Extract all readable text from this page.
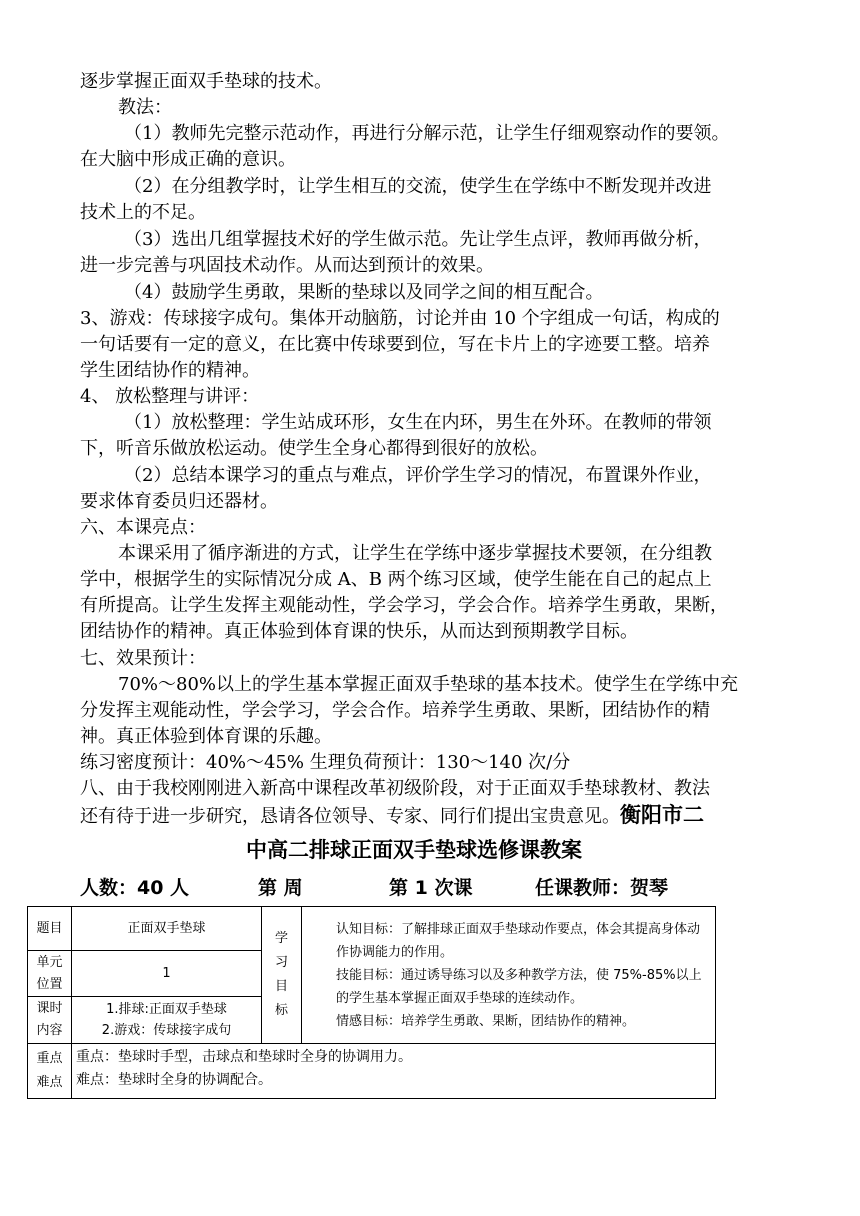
逐步掌握正面双手垫球的技术。
教法：
（1）教师先完整示范动作，再进行分解示范，让学生仔细观察动作的要领。
在大脑中形成正确的意识。
（2）在分组教学时，让学生相互的交流，使学生在学练中不断发现并改进
技术上的不足。
（3）选出几组掌握技术好的学生做示范。先让学生点评，教师再做分析，
进一步完善与巩固技术动作。从而达到预计的效果。
（4）鼓励学生勇敢，果断的垫球以及同学之间的相互配合。
3、游戏：传球接字成句。集体开动脑筋，讨论并由 10 个字组成一句话，构成的
一句话要有一定的意义，在比赛中传球要到位，写在卡片上的字迹要工整。培养
学生团结协作的精神。
4、 放松整理与讲评：
（1）放松整理：学生站成环形，女生在内环，男生在外环。在教师的带领
下，听音乐做放松运动。使学生全身心都得到很好的放松。
（2）总结本课学习的重点与难点，评价学生学习的情况，布置课外作业，
要求体育委员归还器材。
六、本课亮点：
本课采用了循序渐进的方式，让学生在学练中逐步掌握技术要领，在分组教
学中，根据学生的实际情况分成 A、B 两个练习区域，使学生能在自己的起点上
有所提高。让学生发挥主观能动性，学会学习，学会合作。培养学生勇敢，果断，
团结协作的精神。真正体验到体育课的快乐，从而达到预期教学目标。
七、效果预计：
70%～80%以上的学生基本掌握正面双手垫球的基本技术。使学生在学练中充
分发挥主观能动性，学会学习，学会合作。培养学生勇敢、果断，团结协作的精
神。真正体验到体育课的乐趣。
练习密度预计：40%～45% 生理负荷预计：130～140 次/分
八、由于我校刚刚进入新高中课程改革初级阶段，对于正面双手垫球教材、教法
还有待于进一步研究，恳请各位领导、专家、同行们提出宝贵意见。衡阳市二
中高二排球正面双手垫球选修课教案
人数：40 人	第 周	第 1 次课	任课教师：贺琴
题目	正面双手垫球	学习目标	认知目标：了解排球正面双手垫球动作要点，体会其提高身体动作协调能力的作用。

技能目标：通过诱导练习以及多种教学方法，使 75%-85%以上的学生基本掌握正面双手垫球的连续动作。

情感目标：培养学生勇敢、果断，团结协作的精神。

单元位置	1		

课时内容	1.排球:正面双手垫球
2.游戏：传球接字成句		

重点难点	重点：垫球时手型，击球点和垫球时全身的协调用力。

难点：垫球时全身的协调配合。		
